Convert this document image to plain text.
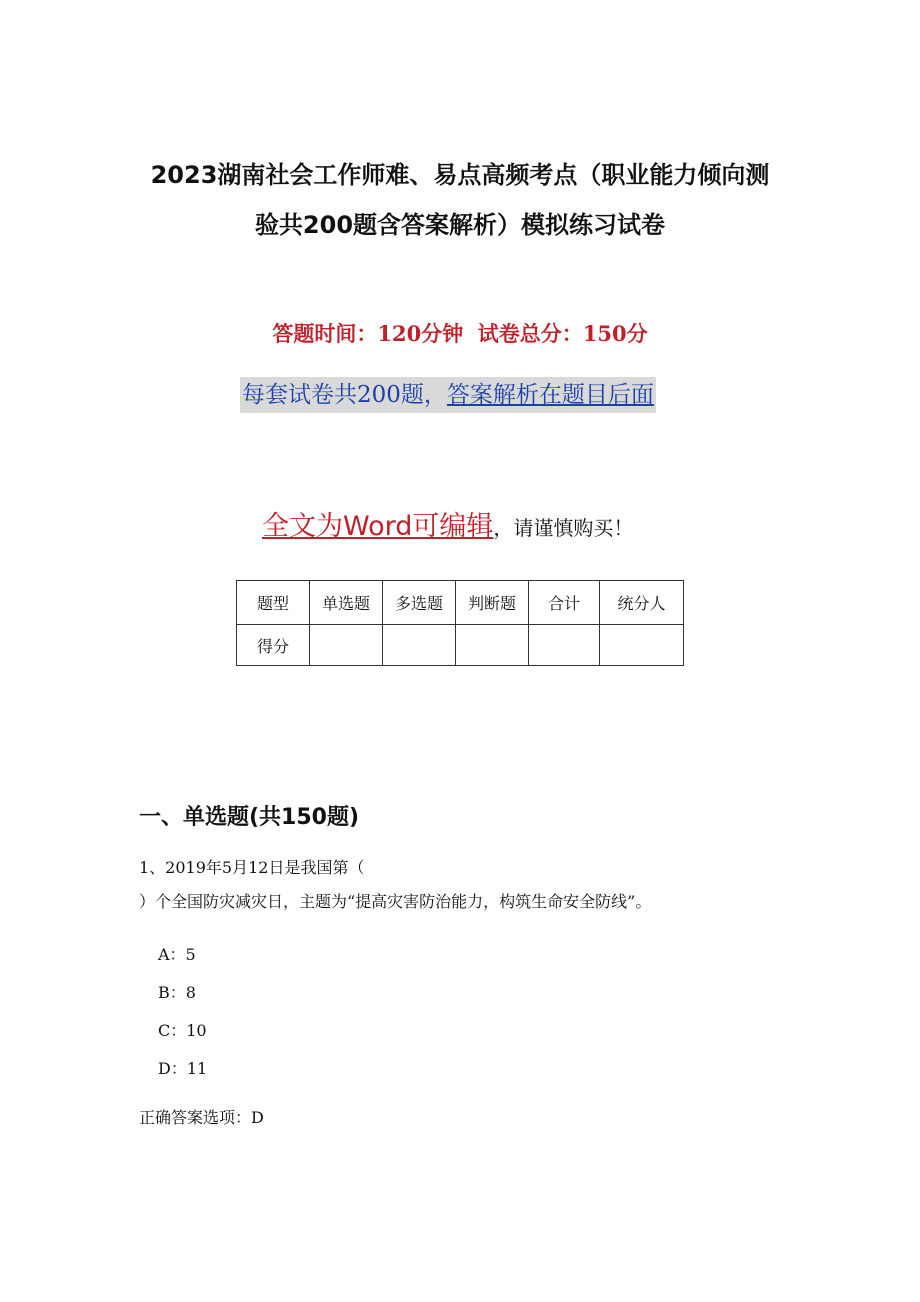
2023湖南社会工作师难、易点高频考点（职业能力倾向测
验共200题含答案解析）模拟练习试卷
答题时间：120分钟  试卷总分：150分
每套试卷共200题，答案解析在题目后面
全文为Word可编辑，请谨慎购买！
题型	单选题	多选题	判断题	合计	统分人
得分					
一、单选题(共150题)
1、2019年5月12日是我国第（
）个全国防灾减灾日，主题为“提高灾害防治能力，构筑生命安全防线”。
A：5
B：8
C：10
D：11
正确答案选项：D
